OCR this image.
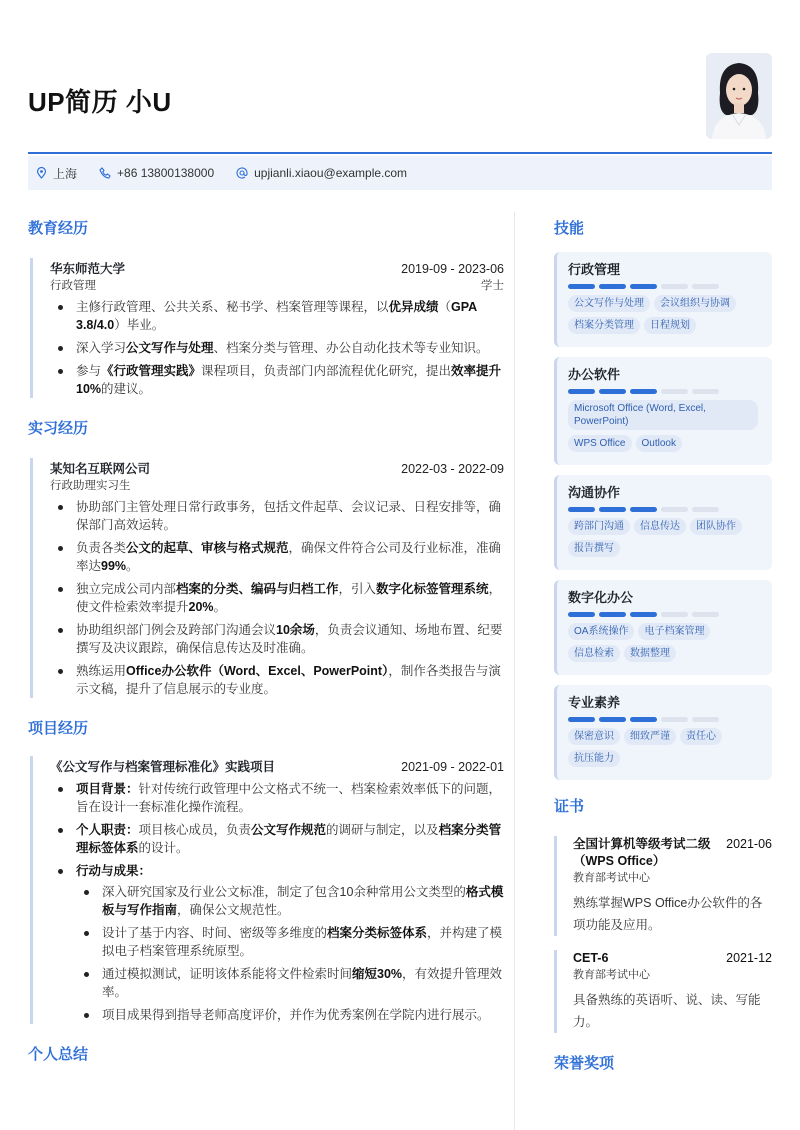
UP简历 小U
上海	+86 13800138000	upjianli.xiaou@example.com
教育经历
华东师范大学	2019-09 - 2023-06
行政管理	学士
主修行政管理、公共关系、秘书学、档案管理等课程，以优异成绩（GPA 3.8/4.0）毕业。
深入学习公文写作与处理、档案分类与管理、办公自动化技术等专业知识。
参与《行政管理实践》课程项目，负责部门内部流程优化研究，提出效率提升10%的建议。
实习经历
某知名互联网公司	2022-03 - 2022-09
行政助理实习生
协助部门主管处理日常行政事务，包括文件起草、会议记录、日程安排等，确保部门高效运转。
负责各类公文的起草、审核与格式规范，确保文件符合公司及行业标准，准确率达99%。
独立完成公司内部档案的分类、编码与归档工作，引入数字化标签管理系统，使文件检索效率提升20%。
协助组织部门例会及跨部门沟通会议10余场，负责会议通知、场地布置、纪要撰写及决议跟踪，确保信息传达及时准确。
熟练运用Office办公软件（Word、Excel、PowerPoint），制作各类报告与演示文稿，提升了信息展示的专业度。
项目经历
《公文写作与档案管理标准化》实践项目	2021-09 - 2022-01
项目背景：针对传统行政管理中公文格式不统一、档案检索效率低下的问题，旨在设计一套标准化操作流程。
个人职责：项目核心成员，负责公文写作规范的调研与制定，以及档案分类管理标签体系的设计。
行动与成果：
深入研究国家及行业公文标准，制定了包含10余种常用公文类型的格式模板与写作指南，确保公文规范性。
设计了基于内容、时间、密级等多维度的档案分类标签体系，并构建了模拟电子档案管理系统原型。
通过模拟测试，证明该体系能将文件检索时间缩短30%，有效提升管理效率。
项目成果得到指导老师高度评价，并作为优秀案例在学院内进行展示。
个人总结
技能
行政管理
公文写作与处理	会议组织与协调
档案分类管理	日程规划
办公软件
Microsoft Office (Word, Excel, PowerPoint)
WPS Office	Outlook
沟通协作
跨部门沟通	信息传达	团队协作
报告撰写
数字化办公
OA系统操作	电子档案管理
信息检索	数据整理
专业素养
保密意识	细致严谨	责任心
抗压能力
证书
全国计算机等级考试二级（WPS Office）
2021-06
教育部考试中心
熟练掌握WPS Office办公软件的各项功能及应用。
CET-6	2021-12
教育部考试中心
具备熟练的英语听、说、读、写能力。
荣誉奖项
